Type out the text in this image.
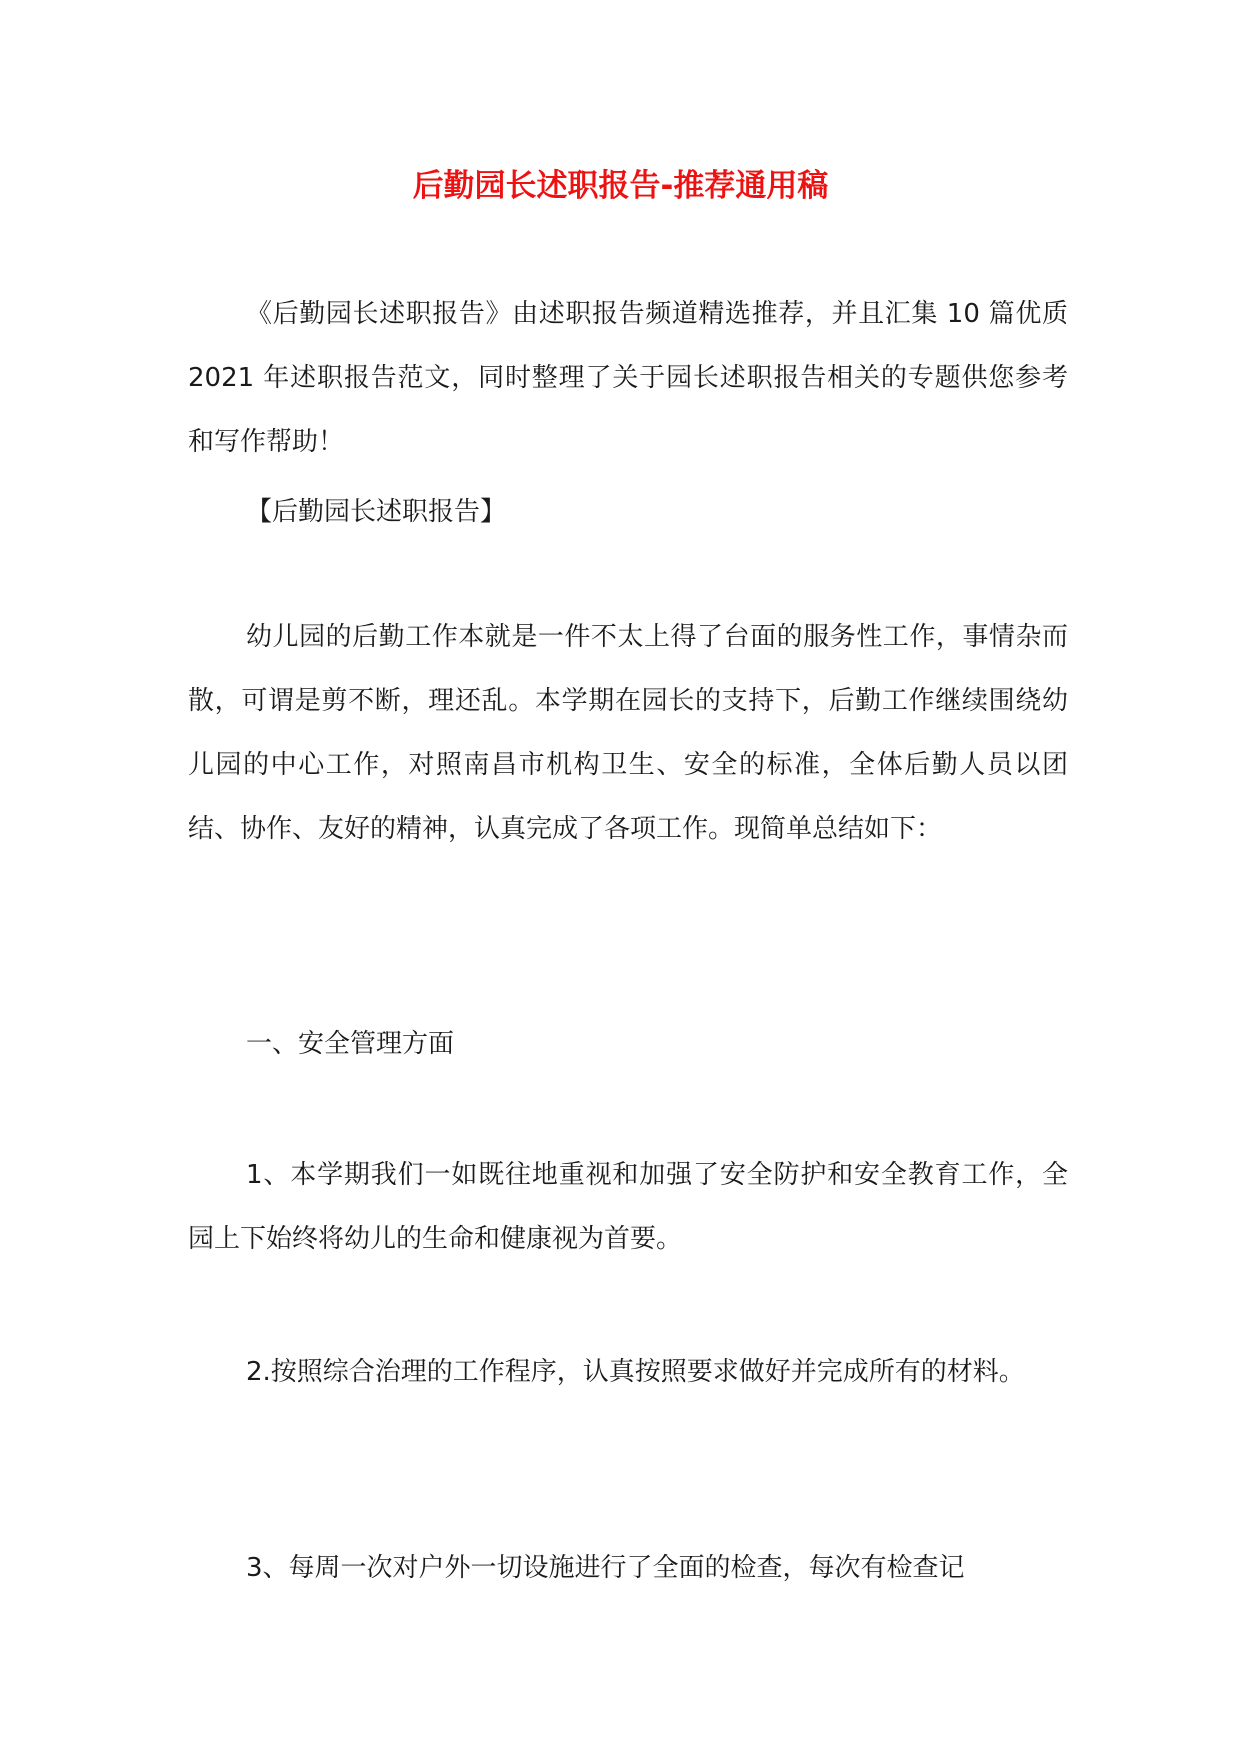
后勤园长述职报告-推荐通用稿

《后勤园长述职报告》由述职报告频道精选推荐，并且汇集 10 篇优质 2021 年述职报告范文，同时整理了关于园长述职报告相关的专题供您参考和写作帮助！

【后勤园长述职报告】

幼儿园的后勤工作本就是一件不太上得了台面的服务性工作，事情杂而散，可谓是剪不断，理还乱。本学期在园长的支持下，后勤工作继续围绕幼儿园的中心工作，对照南昌市机构卫生、安全的标准，全体后勤人员以团结、协作、友好的精神，认真完成了各项工作。现简单总结如下：

一、安全管理方面

1、本学期我们一如既往地重视和加强了安全防护和安全教育工作，全园上下始终将幼儿的生命和健康视为首要。

2.按照综合治理的工作程序，认真按照要求做好并完成所有的材料。

3、每周一次对户外一切设施进行了全面的检查，每次有检查记
